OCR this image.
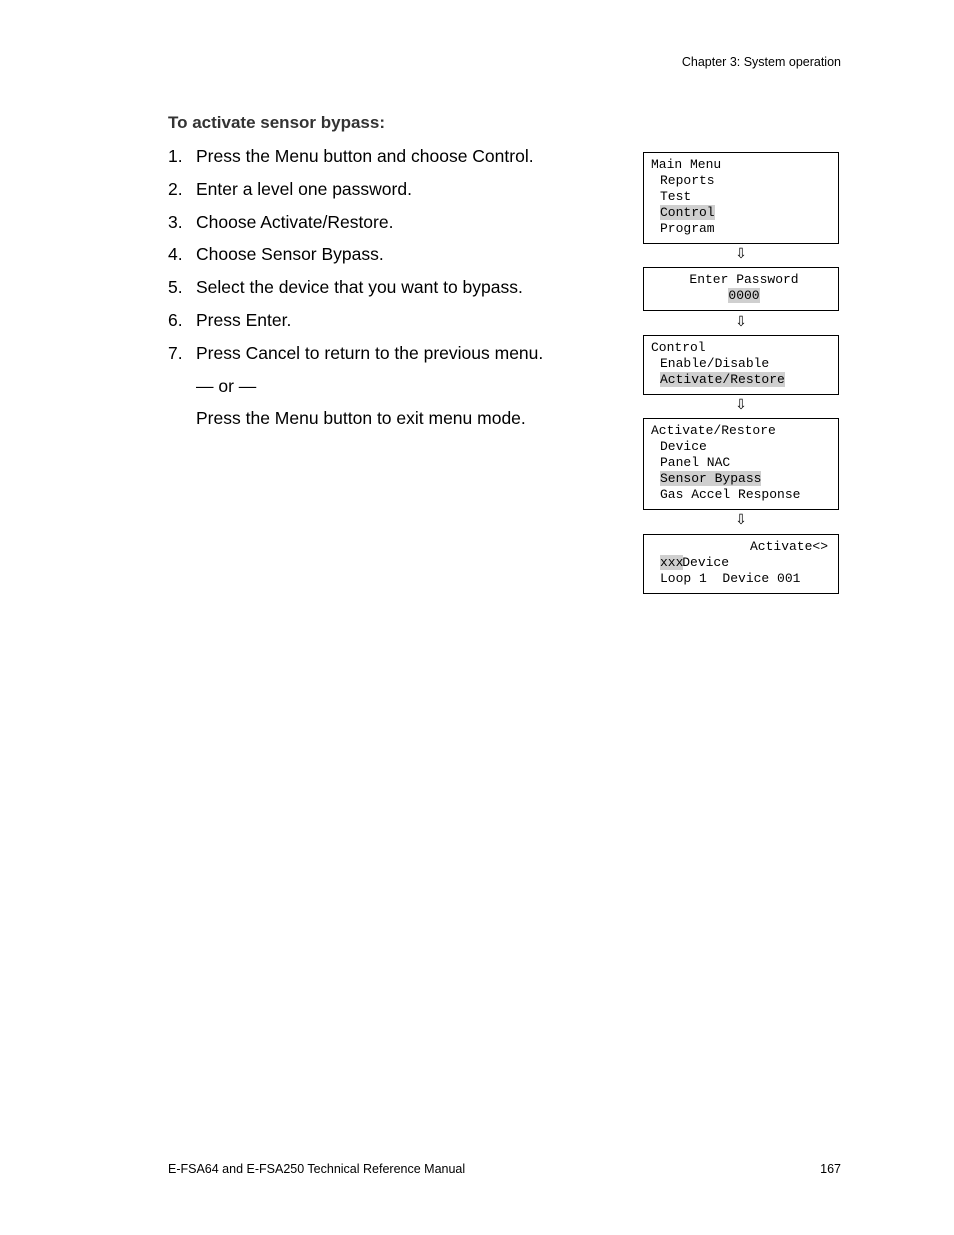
Chapter 3: System operation
To activate sensor bypass:
1. Press the Menu button and choose Control.
2. Enter a level one password.
3. Choose Activate/Restore.
4. Choose Sensor Bypass.
5. Select the device that you want to bypass.
6. Press Enter.
7. Press Cancel to return to the previous menu.
— or —
Press the Menu button to exit menu mode.
Main Menu
Reports
Test
Control
Program
⇩
Enter Password
0000
⇩
Control
Enable/Disable
Activate/Restore
⇩
Activate/Restore
Device
Panel NAC
Sensor Bypass
Gas Accel Response
⇩

Device

Activate<>

xxx
Loop 1  Device 001
E-FSA64 and E-FSA250 Technical Reference Manual	167
